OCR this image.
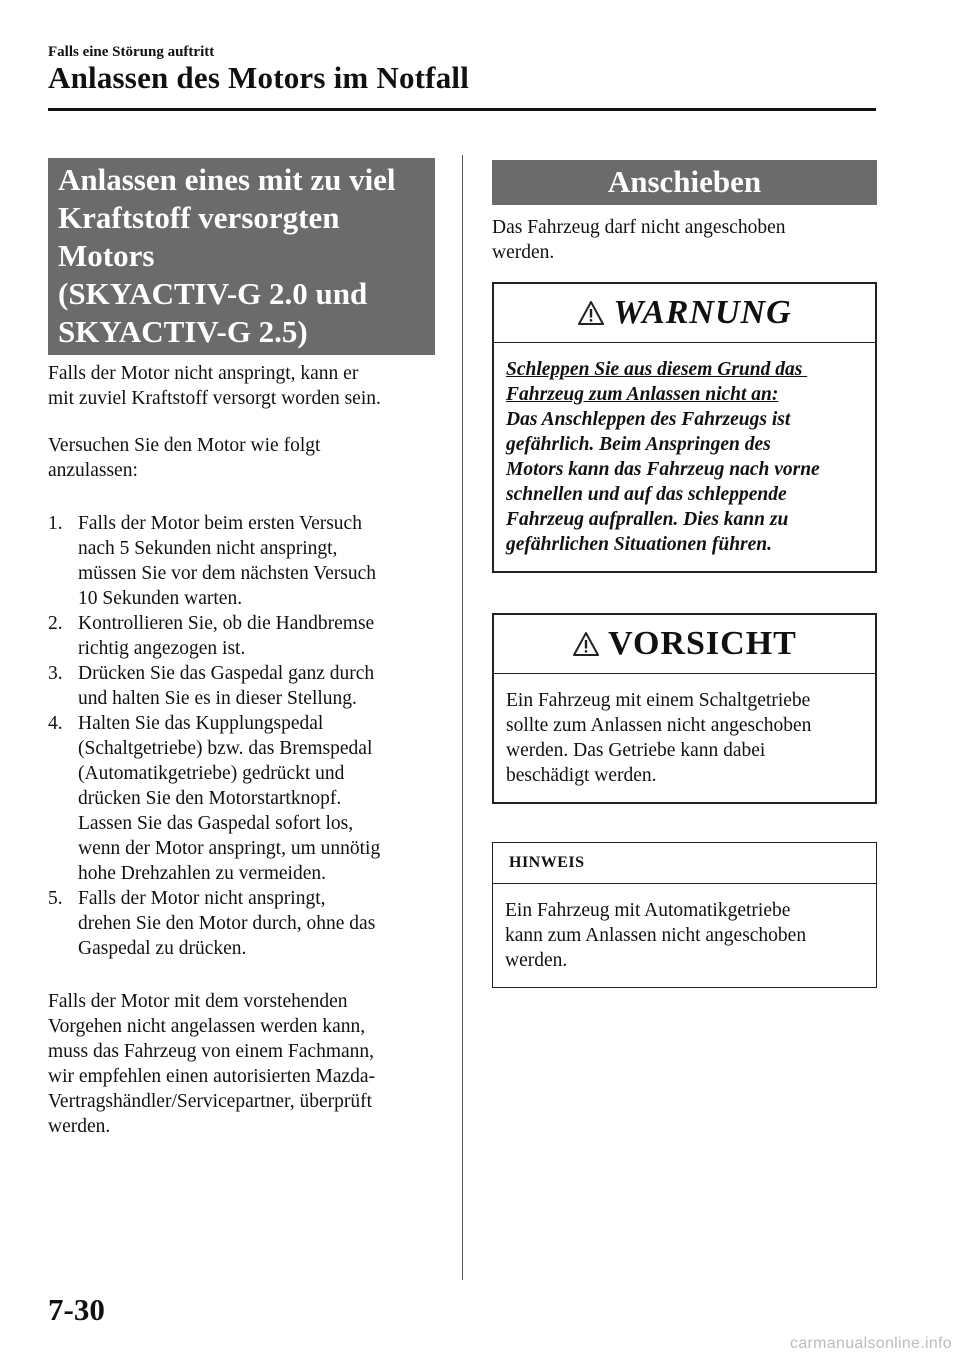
Falls eine Störung auftritt
Anlassen des Motors im Notfall
Anlassen eines mit zu viel
Kraftstoff versorgten
Motors
(SKYACTIV-G 2.0 und
SKYACTIV-G 2.5)
Falls der Motor nicht anspringt, kann er
mit zuviel Kraftstoff versorgt worden sein.
Versuchen Sie den Motor wie folgt
anzulassen:
1. Falls der Motor beim ersten Versuch
nach 5 Sekunden nicht anspringt,
müssen Sie vor dem nächsten Versuch
10 Sekunden warten.
2. Kontrollieren Sie, ob die Handbremse
richtig angezogen ist.
3. Drücken Sie das Gaspedal ganz durch
und halten Sie es in dieser Stellung.
4. Halten Sie das Kupplungspedal
(Schaltgetriebe) bzw. das Bremspedal
(Automatikgetriebe) gedrückt und
drücken Sie den Motorstartknopf.
Lassen Sie das Gaspedal sofort los,
wenn der Motor anspringt, um unnötig
hohe Drehzahlen zu vermeiden.
5. Falls der Motor nicht anspringt,
drehen Sie den Motor durch, ohne das
Gaspedal zu drücken.
Falls der Motor mit dem vorstehenden
Vorgehen nicht angelassen werden kann,
muss das Fahrzeug von einem Fachmann,
wir empfehlen einen autorisierten Mazda-
Vertragshändler/Servicepartner, überprüft
werden.
Anschieben
Das Fahrzeug darf nicht angeschoben
werden.
WARNUNG
Schleppen Sie aus diesem Grund das
Fahrzeug zum Anlassen nicht an:
Das Anschleppen des Fahrzeugs ist
gefährlich. Beim Anspringen des
Motors kann das Fahrzeug nach vorne
schnellen und auf das schleppende
Fahrzeug aufprallen. Dies kann zu
gefährlichen Situationen führen.
VORSICHT
Ein Fahrzeug mit einem Schaltgetriebe
sollte zum Anlassen nicht angeschoben
werden. Das Getriebe kann dabei
beschädigt werden.
HINWEIS
Ein Fahrzeug mit Automatikgetriebe
kann zum Anlassen nicht angeschoben
werden.
7-30
carmanualsonline.info
